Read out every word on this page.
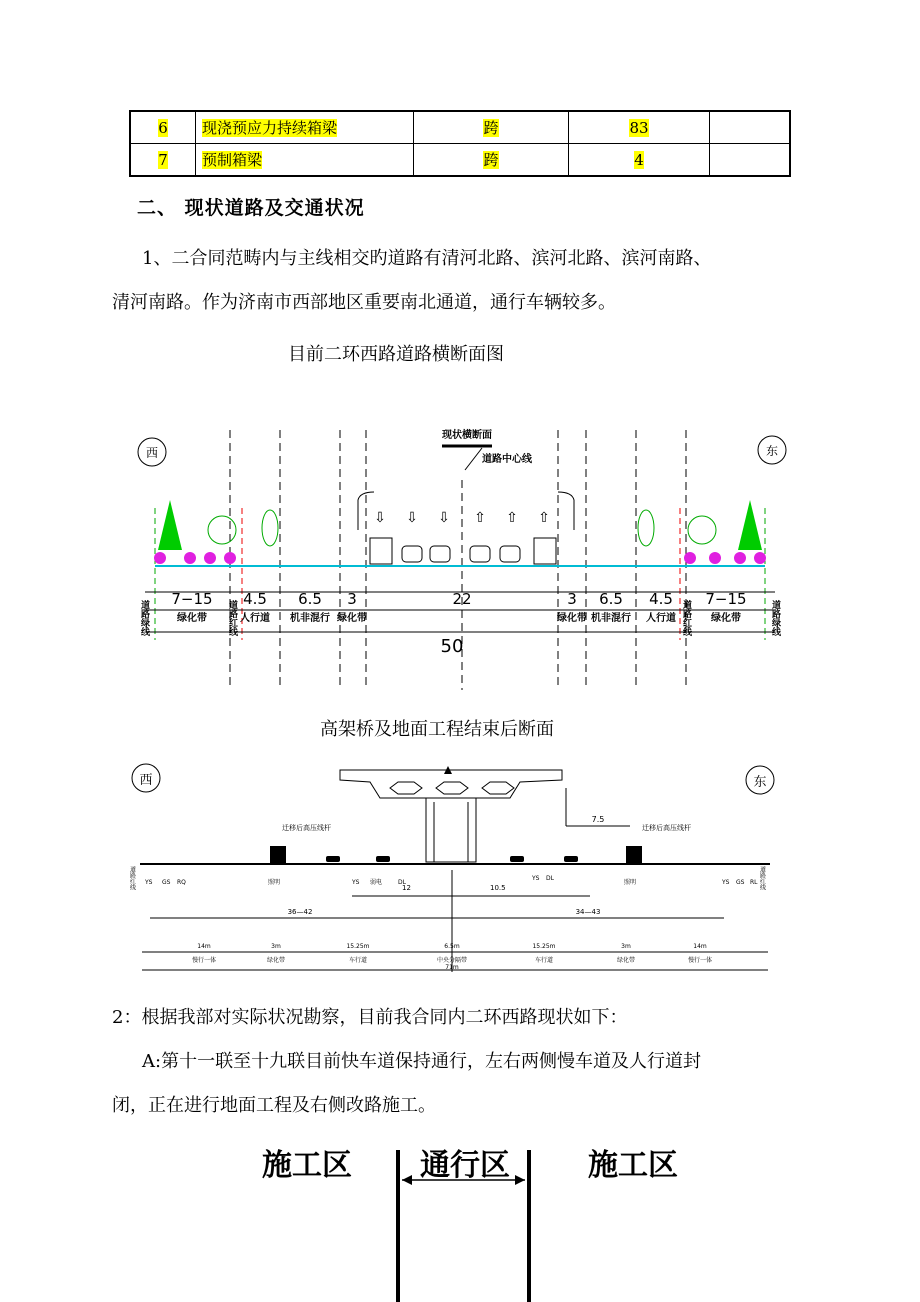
6	现浇预应力持续箱梁	跨	83	
7	预制箱梁	跨	4	
二、 现状道路及交通状况
1、二合同范畴内与主线相交旳道路有清河北路、滨河北路、滨河南路、
清河南路。作为济南市西部地区重要南北通道，通行车辆较多。
目前二环西路道路横断面图
西	东
现状横断面
道路中心线
⇩ ⇩ ⇩ ⇧ ⇧ ⇧
7−15 4.5 6.5 3	22	3 6.5 4.5 7−15
绿化带	人行道 机非混行 绿化带	绿化带 机非混行 人行道	绿化带
50
道路绿线	道路红线	道路红线	道路绿线
高架桥及地面工程结束后断面
西	东
7.5
迁移后高压线杆	迁移后高压线杆
道路红线	道路红线
YS GS RQ	照明	YS 弱电	DL
YS DL
照明	YS GS RL
12	10.5
36—42	34—43
14m	3m	15.25m	6.5m	15.25m	3m	14m
慢行一体	绿化带	车行道	中央分隔带	车行道	绿化带	慢行一体
71m
2：根据我部对实际状况勘察，目前我合同内二环西路现状如下：
A:第十一联至十九联目前快车道保持通行，左右两侧慢车道及人行道封
闭，正在进行地面工程及右侧改路施工。
施工区 通行区	施工区
